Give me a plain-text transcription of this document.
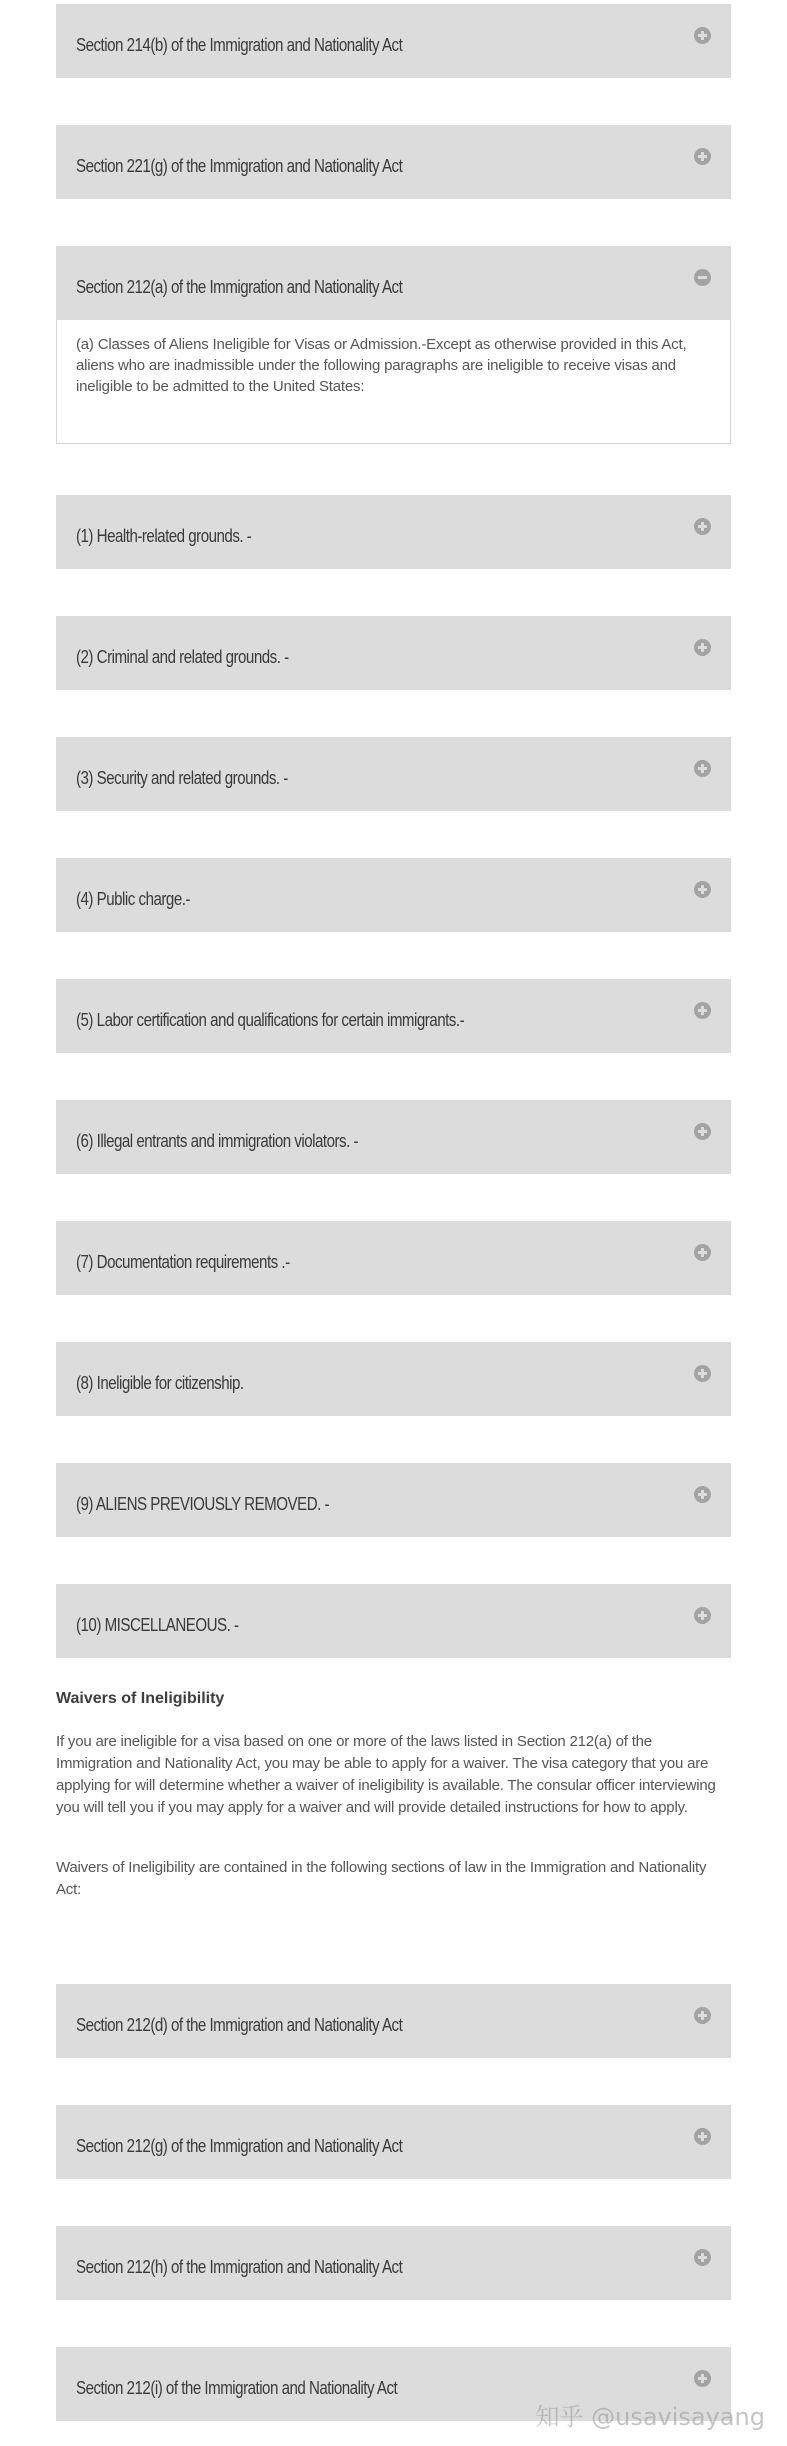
Section 214(b) of the Immigration and Nationality Act
Section 221(g) of the Immigration and Nationality Act
Section 212(a) of the Immigration and Nationality Act
(a) Classes of Aliens Ineligible for Visas or Admission.-Except as otherwise provided in this Act, aliens who are inadmissible under the following paragraphs are ineligible to receive visas and ineligible to be admitted to the United States:
(1) Health-related grounds. -
(2) Criminal and related grounds. -
(3) Security and related grounds. -
(4) Public charge.-
(5) Labor certification and qualifications for certain immigrants.-
(6) Illegal entrants and immigration violators. -
(7) Documentation requirements .-
(8) Ineligible for citizenship.
(9) ALIENS PREVIOUSLY REMOVED. -
(10) MISCELLANEOUS. -
Waivers of Ineligibility

If you are ineligible for a visa based on one or more of the laws listed in Section 212(a) of the Immigration and Nationality Act, you may be able to apply for a waiver. The visa category that you are applying for will determine whether a waiver of ineligibility is available. The consular officer interviewing you will tell you if you may apply for a waiver and will provide detailed instructions for how to apply.

Waivers of Ineligibility are contained in the following sections of law in the Immigration and Nationality Act:

Section 212(d) of the Immigration and Nationality Act
Section 212(g) of the Immigration and Nationality Act
Section 212(h) of the Immigration and Nationality Act
Section 212(i) of the Immigration and Nationality Act
知乎 @usavisayang
